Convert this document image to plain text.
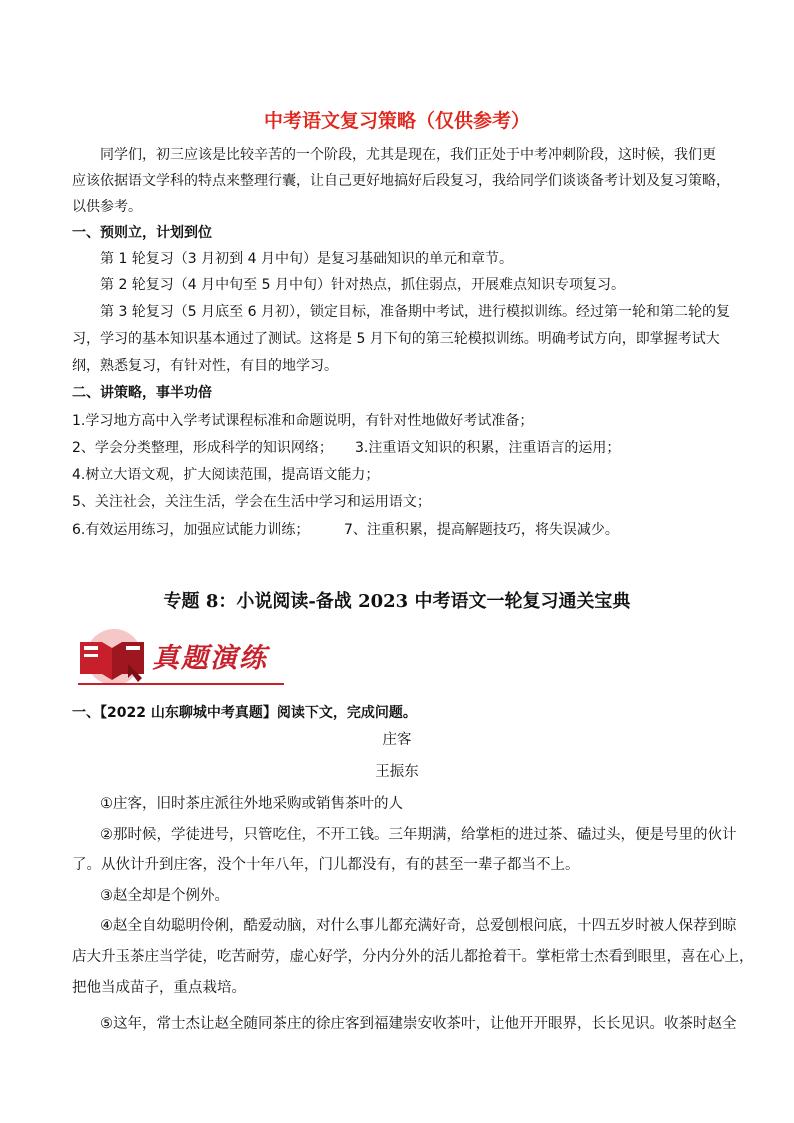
中考语文复习策略（仅供参考）
同学们，初三应该是比较辛苦的一个阶段，尤其是现在，我们正处于中考冲刺阶段，这时候，我们更
应该依据语文学科的特点来整理行囊，让自己更好地搞好后段复习，我给同学们谈谈备考计划及复习策略，
以供参考。
一、预则立，计划到位
第 1 轮复习（3 月初到 4 月中旬）是复习基础知识的单元和章节。
第 2 轮复习（4 月中旬至 5 月中旬）针对热点，抓住弱点，开展难点知识专项复习。
第 3 轮复习（5 月底至 6 月初），锁定目标，准备期中考试，进行模拟训练。经过第一轮和第二轮的复
习，学习的基本知识基本通过了测试。这将是 5 月下旬的第三轮模拟训练。明确考试方向，即掌握考试大
纲，熟悉复习，有针对性，有目的地学习。
二、讲策略，事半功倍
1.学习地方高中入学考试课程标准和命题说明，有针对性地做好考试准备；
2、学会分类整理，形成科学的知识网络； 3.注重语文知识的积累，注重语言的运用；
4.树立大语文观，扩大阅读范围，提高语文能力；
5、关注社会，关注生活，学会在生活中学习和运用语文；
6.有效运用练习，加强应试能力训练； 7、注重积累，提高解题技巧，将失误减少。
专题 8：小说阅读-备战 2023 中考语文一轮复习通关宝典
真题演练
一、【2022 山东聊城中考真题】阅读下文，完成问题。
庄客
王振东
①庄客，旧时茶庄派往外地采购或销售茶叶的人
②那时候，学徒进号，只管吃住，不开工钱。三年期满，给掌柜的进过茶、磕过头，便是号里的伙计
了。从伙计升到庄客，没个十年八年，门儿都没有，有的甚至一辈子都当不上。
③赵全却是个例外。
④赵全自幼聪明伶俐，酷爱动脑，对什么事儿都充满好奇，总爱刨根问底，十四五岁时被人保荐到晾
店大升玉茶庄当学徒，吃苦耐劳，虚心好学，分内分外的活儿都抢着干。掌柜常士杰看到眼里，喜在心上，
把他当成苗子，重点栽培。
⑤这年，常士杰让赵全随同茶庄的徐庄客到福建崇安收茶叶，让他开开眼界，长长见识。收茶时赵全
